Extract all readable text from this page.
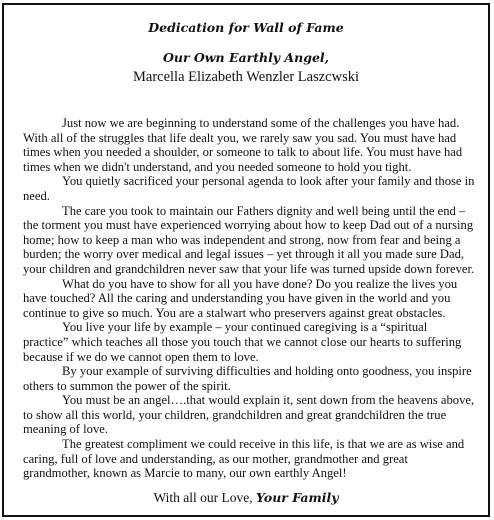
Dedication for Wall of Fame
Our Own Earthly Angel,
Marcella Elizabeth Wenzler Laszcwski

Just now we are beginning to understand some of the challenges you have had. With all of the struggles that life dealt you, we rarely saw you sad. You must have had times when you needed a shoulder, or someone to talk to about life. You must have had times when we didn't understand, and you needed someone to hold you tight.

You quietly sacrificed your personal agenda to look after your family and those in need.

The care you took to maintain our Fathers dignity and well being until the end – the torment you must have experienced worrying about how to keep Dad out of a nursing home; how to keep a man who was independent and strong, now from fear and being a burden; the worry over medical and legal issues – yet through it all you made sure Dad, your children and grandchildren never saw that your life was turned upside down forever.

What do you have to show for all you have done? Do you realize the lives you have touched? All the caring and understanding you have given in the world and you continue to give so much. You are a stalwart who preservers against great obstacles.

You live your life by example – your continued caregiving is a “spiritual practice” which teaches all those you touch that we cannot close our hearts to suffering because if we do we cannot open them to love.

By your example of surviving difficulties and holding onto goodness, you inspire others to summon the power of the spirit.

You must be an angel….that would explain it, sent down from the heavens above, to show all this world, your children, grandchildren and great grandchildren the true meaning of love.

The greatest compliment we could receive in this life, is that we are as wise and caring, full of love and understanding, as our mother, grandmother and great grandmother, known as Marcie to many, our own earthly Angel!

With all our Love, Your Family
